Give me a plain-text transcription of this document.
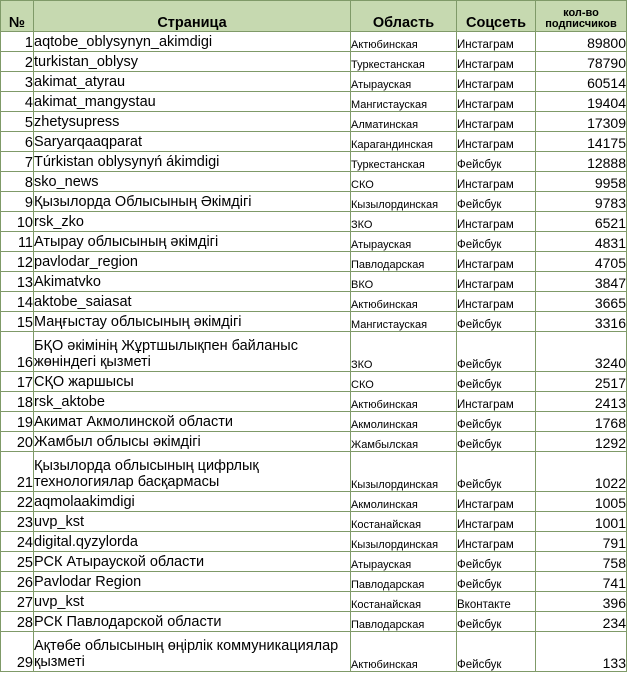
№	Страница	Область	Соцсеть	кол-во подписчиков
1	aqtobe_oblysynyn_akimdigi	Актюбинская	Инстаграм	89800
2	turkistan_oblysy	Туркестанская	Инстаграм	78790
3	akimat_atyrau	Атырауская	Инстаграм	60514
4	akimat_mangystau	Мангистауская	Инстаграм	19404
5	zhetysupress	Алматинская	Инстаграм	17309
6	Saryarqaaqparat	Карагандинская	Инстаграм	14175
7	Túrkistan oblysynyń ákimdigi	Туркестанская	Фейсбук	12888
8	sko_news	СКО	Инстаграм	9958
9	Қызылорда Облысының Әкімдігі	Кызылординская	Фейсбук	9783
10	rsk_zko	ЗКО	Инстаграм	6521
11	Атырау облысының әкімдігі	Атырауская	Фейсбук	4831
12	pavlodar_region	Павлодарская	Инстаграм	4705
13	Akimatvko	ВКО	Инстаграм	3847
14	aktobe_saiasat	Актюбинская	Инстаграм	3665
15	Маңғыстау облысының әкімдігі	Мангистауская	Фейсбук	3316
16	БҚО әкімінің Жұртшылықпен байланыс жөніндегі қызметі	ЗКО	Фейсбук	3240
17	СҚО жаршысы	СКО	Фейсбук	2517
18	rsk_aktobe	Актюбинская	Инстаграм	2413
19	Акимат Акмолинской области	Акмолинская	Фейсбук	1768
20	Жамбыл облысы әкімдігі	Жамбылская	Фейсбук	1292
21	Қызылорда облысының цифрлық технологиялар басқармасы	Кызылординская	Фейсбук	1022
22	aqmolaakimdigi	Акмолинская	Инстаграм	1005
23	uvp_kst	Костанайская	Инстаграм	1001
24	digital.qyzylorda	Кызылординская	Инстаграм	791
25	РСК Атырауской области	Атырауская	Фейсбук	758
26	Pavlodar Region	Павлодарская	Фейсбук	741
27	uvp_kst	Костанайская	Вконтакте	396
28	РСК Павлодарской области	Павлодарская	Фейсбук	234
29	Ақтөбе облысының өңірлік коммуникациялар қызметі	Актюбинская	Фейсбук	133
